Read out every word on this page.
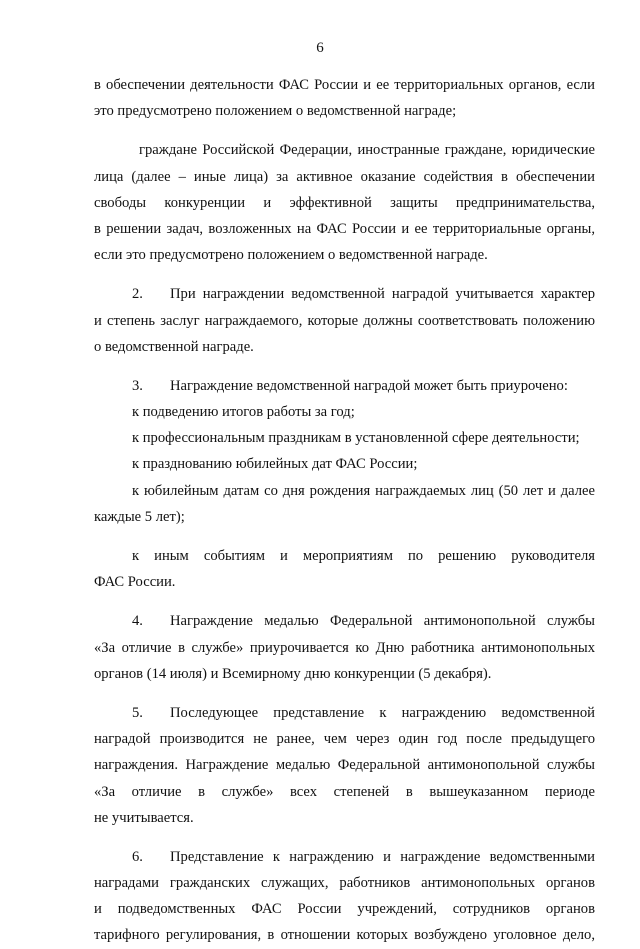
6
в обеспечении деятельности ФАС России и ее территориальных органов, если
это предусмотрено положением о ведомственной награде;
граждане Российской Федерации, иностранные граждане, юридические
лица (далее – иные лица) за активное оказание содействия в обеспечении
свободы конкуренции и эффективной защиты предпринимательства,
в решении задач, возложенных на ФАС России и ее территориальные органы,
если это предусмотрено положением о ведомственной награде.
2. При награждении ведомственной наградой учитывается характер
и степень заслуг награждаемого, которые должны соответствовать положению
о ведомственной награде.
3. Награждение ведомственной наградой может быть приурочено:
к подведению итогов работы за год;
к профессиональным праздникам в установленной сфере деятельности;
к празднованию юбилейных дат ФАС России;
к юбилейным датам со дня рождения награждаемых лиц (50 лет и далее
каждые 5 лет);
к иным событиям и мероприятиям по решению руководителя
ФАС России.
4. Награждение медалью Федеральной антимонопольной службы
«За отличие в службе» приурочивается ко Дню работника антимонопольных
органов (14 июля) и Всемирному дню конкуренции (5 декабря).
5. Последующее представление к награждению ведомственной
наградой производится не ранее, чем через один год после предыдущего
награждения. Награждение медалью Федеральной антимонопольной службы
«За отличие в службе» всех степеней в вышеуказанном периоде
не учитывается.
6. Представление к награждению и награждение ведомственными
наградами гражданских служащих, работников антимонопольных органов
и подведомственных ФАС России учреждений, сотрудников органов
тарифного регулирования, в отношении которых возбуждено уголовное дело,
